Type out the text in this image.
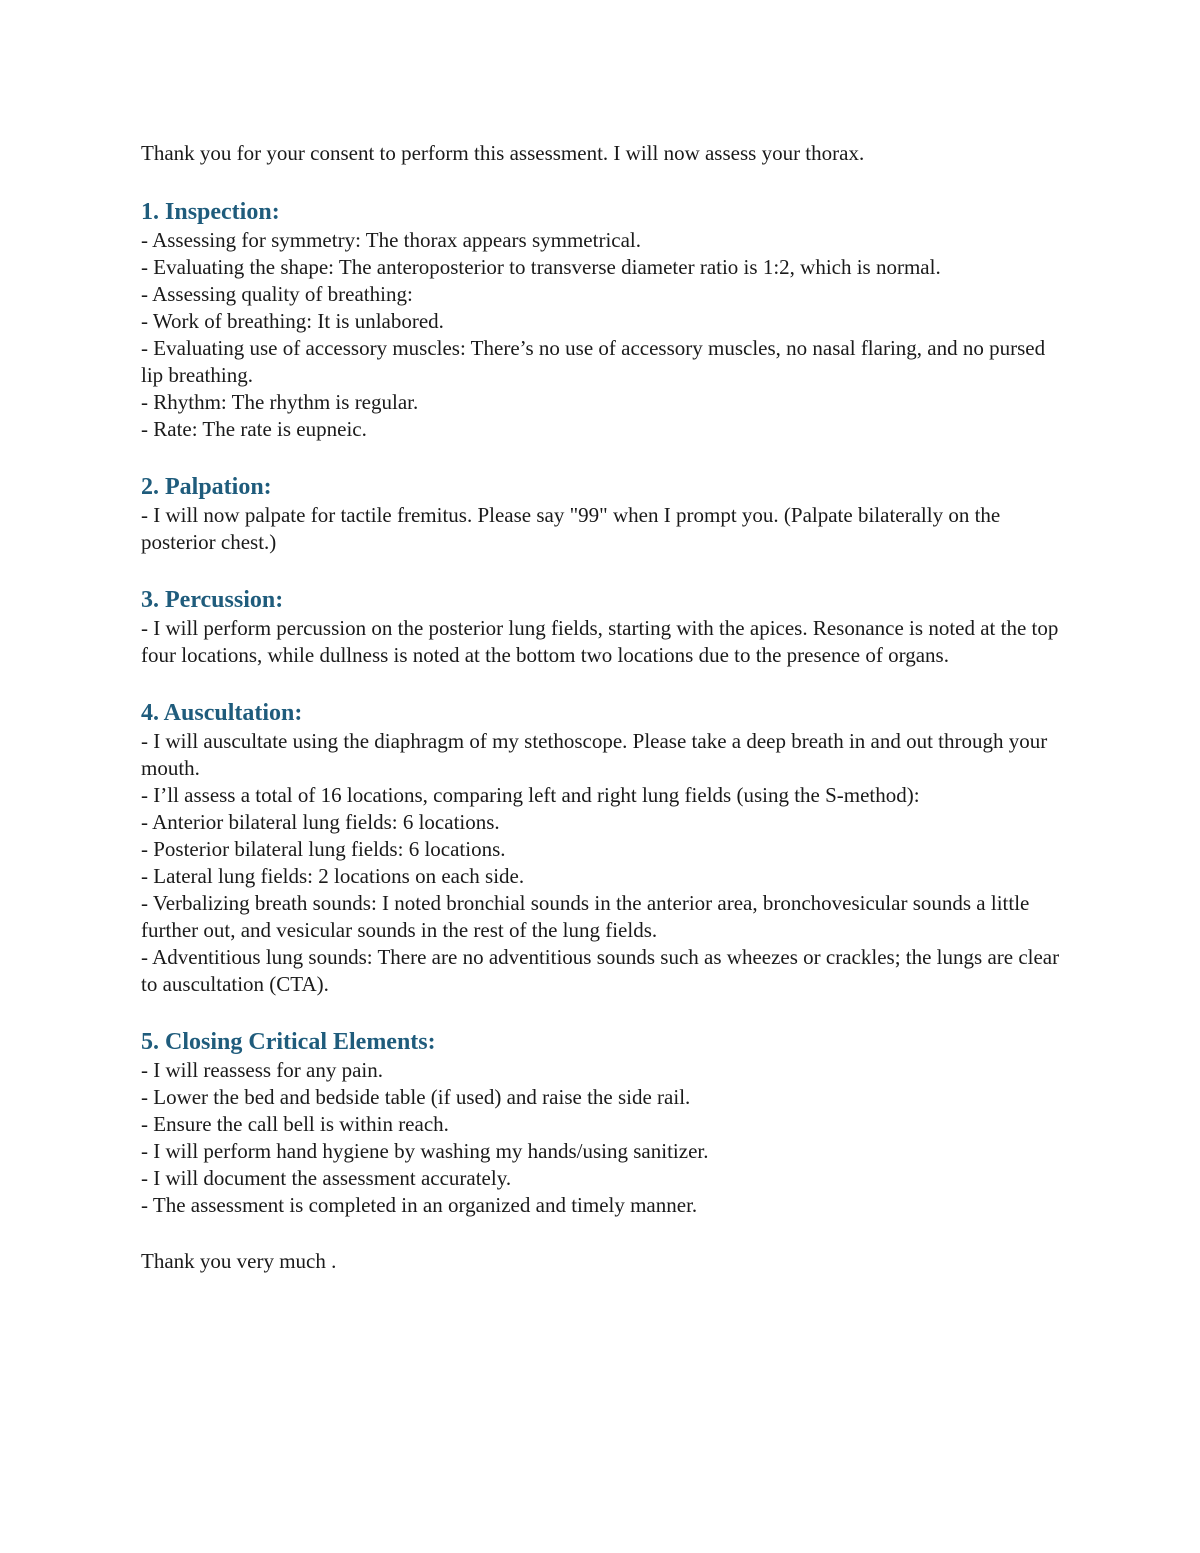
Thank you for your consent to perform this assessment. I will now assess your thorax.

1. Inspection:

- Assessing for symmetry: The thorax appears symmetrical.

- Evaluating the shape: The anteroposterior to transverse diameter ratio is 1:2, which is normal.

- Assessing quality of breathing:

- Work of breathing: It is unlabored.

- Evaluating use of accessory muscles: There’s no use of accessory muscles, no nasal flaring, and no pursed lip breathing.

- Rhythm: The rhythm is regular.

- Rate: The rate is eupneic.

2. Palpation:

- I will now palpate for tactile fremitus. Please say "99" when I prompt you. (Palpate bilaterally on the posterior chest.)

3. Percussion:

- I will perform percussion on the posterior lung fields, starting with the apices. Resonance is noted at the top four locations, while dullness is noted at the bottom two locations due to the presence of organs.

4. Auscultation:

- I will auscultate using the diaphragm of my stethoscope. Please take a deep breath in and out through your mouth.

- I’ll assess a total of 16 locations, comparing left and right lung fields (using the S-method):

- Anterior bilateral lung fields: 6 locations.

- Posterior bilateral lung fields: 6 locations.

- Lateral lung fields: 2 locations on each side.

- Verbalizing breath sounds: I noted bronchial sounds in the anterior area, bronchovesicular sounds a little further out, and vesicular sounds in the rest of the lung fields.

- Adventitious lung sounds: There are no adventitious sounds such as wheezes or crackles; the lungs are clear to auscultation (CTA).

5. Closing Critical Elements:

- I will reassess for any pain.

- Lower the bed and bedside table (if used) and raise the side rail.

- Ensure the call bell is within reach.

- I will perform hand hygiene by washing my hands/using sanitizer.

- I will document the assessment accurately.

- The assessment is completed in an organized and timely manner.

Thank you very much .
